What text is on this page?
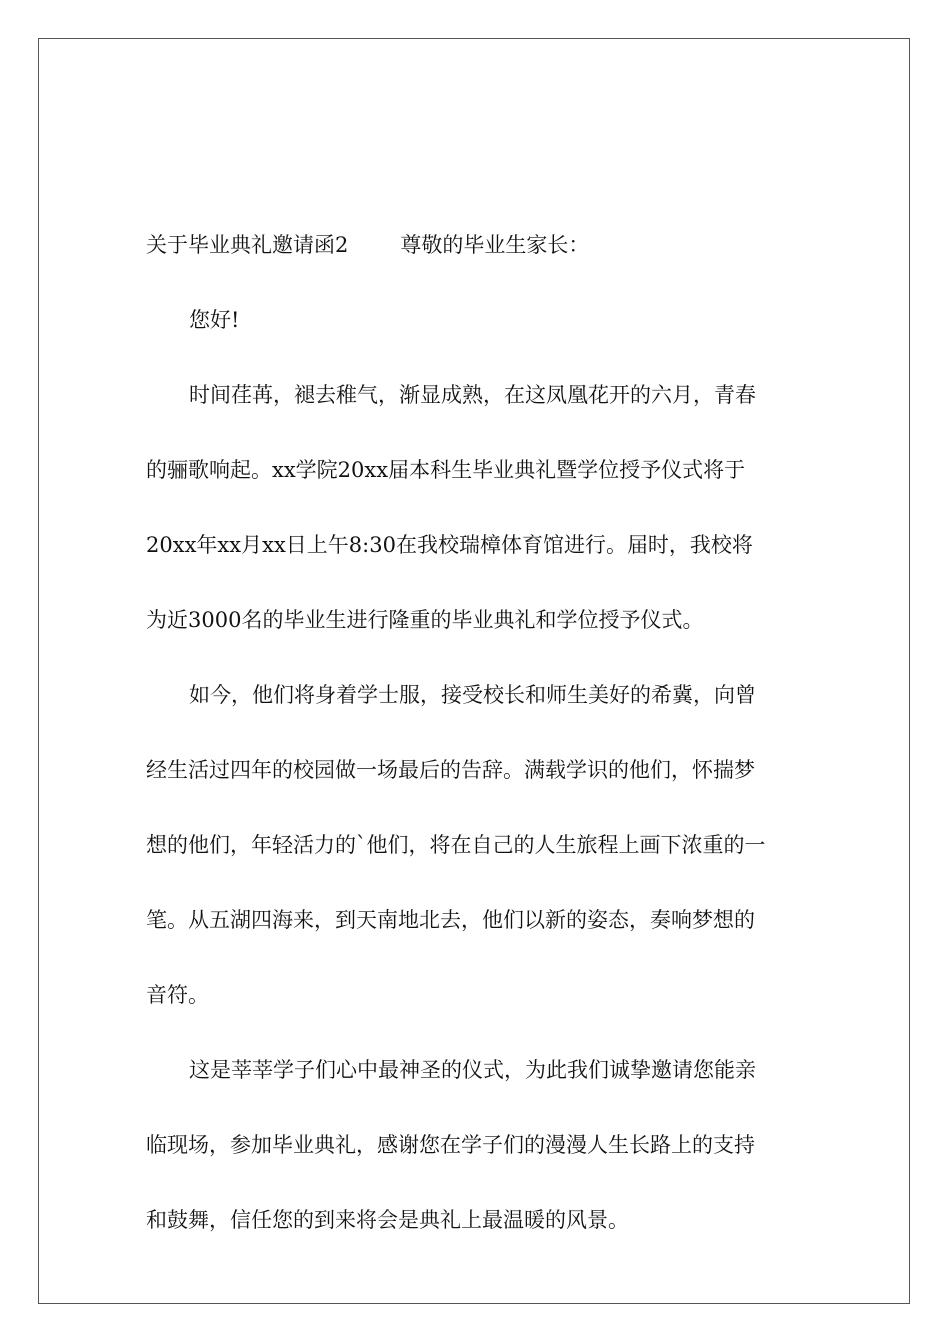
关于毕业典礼邀请函2 尊敬的毕业生家长：

您好!

时间荏苒，褪去稚气，渐显成熟，在这凤凰花开的六月，青春

的骊歌响起。xx学院20xx届本科生毕业典礼暨学位授予仪式将于

20xx年xx月xx日上午8:30在我校瑞樟体育馆进行。届时，我校将

为近3000名的毕业生进行隆重的毕业典礼和学位授予仪式。

如今，他们将身着学士服，接受校长和师生美好的希冀，向曾

经生活过四年的校园做一场最后的告辞。满载学识的他们，怀揣梦

想的他们，年轻活力的`他们，将在自己的人生旅程上画下浓重的一

笔。从五湖四海来，到天南地北去，他们以新的姿态，奏响梦想的

音符。

这是莘莘学子们心中最神圣的仪式，为此我们诚挚邀请您能亲

临现场，参加毕业典礼，感谢您在学子们的漫漫人生长路上的支持

和鼓舞，信任您的到来将会是典礼上最温暖的风景。
